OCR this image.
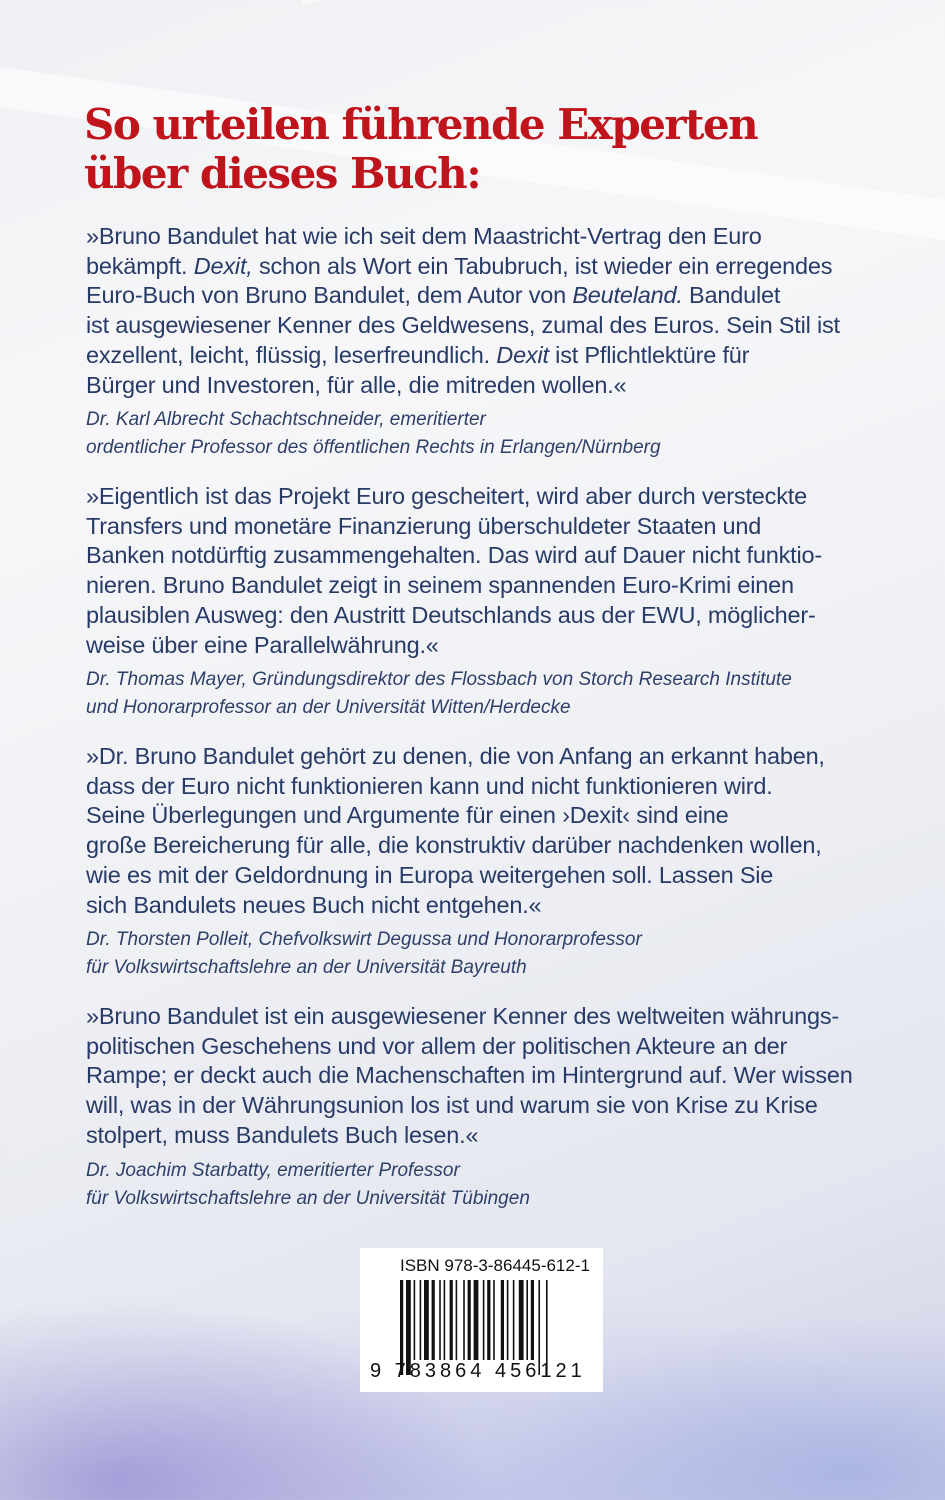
So urteilen führende Experten
über dieses Buch:
»Bruno Bandulet hat wie ich seit dem Maastricht-Vertrag den Euro
bekämpft. Dexit, schon als Wort ein Tabubruch, ist wieder ein erregendes
Euro-Buch von Bruno Bandulet, dem Autor von Beuteland. Bandulet
ist ausgewiesener Kenner des Geldwesens, zumal des Euros. Sein Stil ist
exzellent, leicht, flüssig, leserfreundlich. Dexit ist Pflichtlektüre für
Bürger und Investoren, für alle, die mitreden wollen.«
Dr. Karl Albrecht Schachtschneider, emeritierter
ordentlicher Professor des öffentlichen Rechts in Erlangen/Nürnberg
»Eigentlich ist das Projekt Euro gescheitert, wird aber durch versteckte
Transfers und monetäre Finanzierung überschuldeter Staaten und
Banken notdürftig zusammengehalten. Das wird auf Dauer nicht funktio-
nieren. Bruno Bandulet zeigt in seinem spannenden Euro-Krimi einen
plausiblen Ausweg: den Austritt Deutschlands aus der EWU, möglicher-
weise über eine Parallelwährung.«
Dr. Thomas Mayer, Gründungsdirektor des Flossbach von Storch Research Institute
und Honorarprofessor an der Universität Witten/Herdecke
»Dr. Bruno Bandulet gehört zu denen, die von Anfang an erkannt haben,
dass der Euro nicht funktionieren kann und nicht funktionieren wird.
Seine Überlegungen und Argumente für einen ›Dexit‹ sind eine
große Bereicherung für alle, die konstruktiv darüber nachdenken wollen,
wie es mit der Geldordnung in Europa weitergehen soll. Lassen Sie
sich Bandulets neues Buch nicht entgehen.«
Dr. Thorsten Polleit, Chefvolkswirt Degussa und Honorarprofessor
für Volkswirtschaftslehre an der Universität Bayreuth
»Bruno Bandulet ist ein ausgewiesener Kenner des weltweiten währungs-
politischen Geschehens und vor allem der politischen Akteure an der
Rampe; er deckt auch die Machenschaften im Hintergrund auf. Wer wissen
will, was in der Währungsunion los ist und warum sie von Krise zu Krise
stolpert, muss Bandulets Buch lesen.«
Dr. Joachim Starbatty, emeritierter Professor
für Volkswirtschaftslehre an der Universität Tübingen
ISBN 978-3-86445-612-1
9 783864 456121
